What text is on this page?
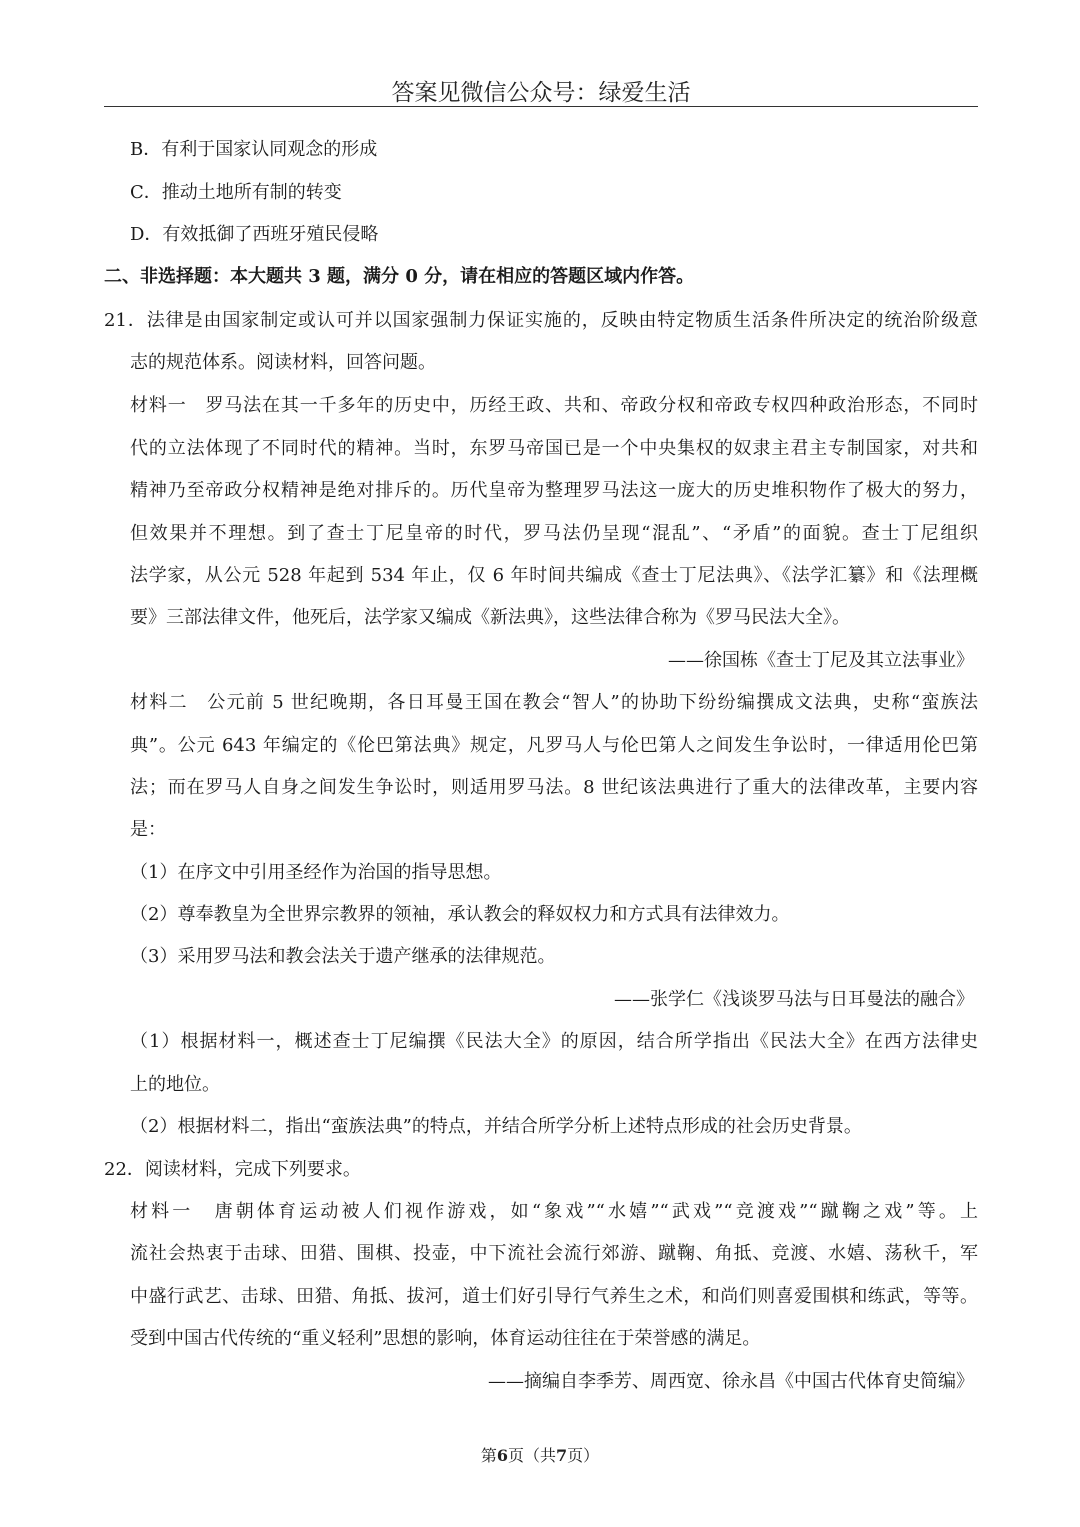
答案见微信公众号：绿爱生活
B．有利于国家认同观念的形成
C．推动土地所有制的转变
D．有效抵御了西班牙殖民侵略
二、非选择题：本大题共 3 题，满分 0 分，请在相应的答题区域内作答。
21．法律是由国家制定或认可并以国家强制力保证实施的，反映由特定物质生活条件所决定的统治阶级意
志的规范体系。阅读材料，回答问题。
材料一　罗马法在其一千多年的历史中，历经王政、共和、帝政分权和帝政专权四种政治形态，不同时
代的立法体现了不同时代的精神。当时，东罗马帝国已是一个中央集权的奴隶主君主专制国家，对共和
精神乃至帝政分权精神是绝对排斥的。历代皇帝为整理罗马法这一庞大的历史堆积物作了极大的努力，
但效果并不理想。到了查士丁尼皇帝的时代，罗马法仍呈现“混乱”、“矛盾”的面貌。查士丁尼组织
法学家，从公元 528 年起到 534 年止，仅 6 年时间共编成《查士丁尼法典》、《法学汇纂》和《法理概
要》三部法律文件，他死后，法学家又编成《新法典》，这些法律合称为《罗马民法大全》。
——徐国栋《查士丁尼及其立法事业》
材料二　公元前 5 世纪晚期，各日耳曼王国在教会“智人”的协助下纷纷编撰成文法典，史称“蛮族法
典”。公元 643 年编定的《伦巴第法典》规定，凡罗马人与伦巴第人之间发生争讼时，一律适用伦巴第
法；而在罗马人自身之间发生争讼时，则适用罗马法。8 世纪该法典进行了重大的法律改革，主要内容
是：
（1）在序文中引用圣经作为治国的指导思想。
（2）尊奉教皇为全世界宗教界的领袖，承认教会的释奴权力和方式具有法律效力。
（3）采用罗马法和教会法关于遗产继承的法律规范。
——张学仁《浅谈罗马法与日耳曼法的融合》
（1）根据材料一，概述查士丁尼编撰《民法大全》的原因，结合所学指出《民法大全》在西方法律史
上的地位。
（2）根据材料二，指出“蛮族法典”的特点，并结合所学分析上述特点形成的社会历史背景。
22．阅读材料，完成下列要求。
材料一　唐朝体育运动被人们视作游戏，如“象戏”“水嬉”“武戏”“竞渡戏”“蹴鞠之戏”等。上
流社会热衷于击球、田猎、围棋、投壶，中下流社会流行郊游、蹴鞠、角抵、竞渡、水嬉、荡秋千，军
中盛行武艺、击球、田猎、角抵、拔河，道士们好引导行气养生之术，和尚们则喜爱围棋和练武，等等。
受到中国古代传统的“重义轻利”思想的影响，体育运动往往在于荣誉感的满足。
——摘编自李季芳、周西宽、徐永昌《中国古代体育史简编》
第6页（共7页）
